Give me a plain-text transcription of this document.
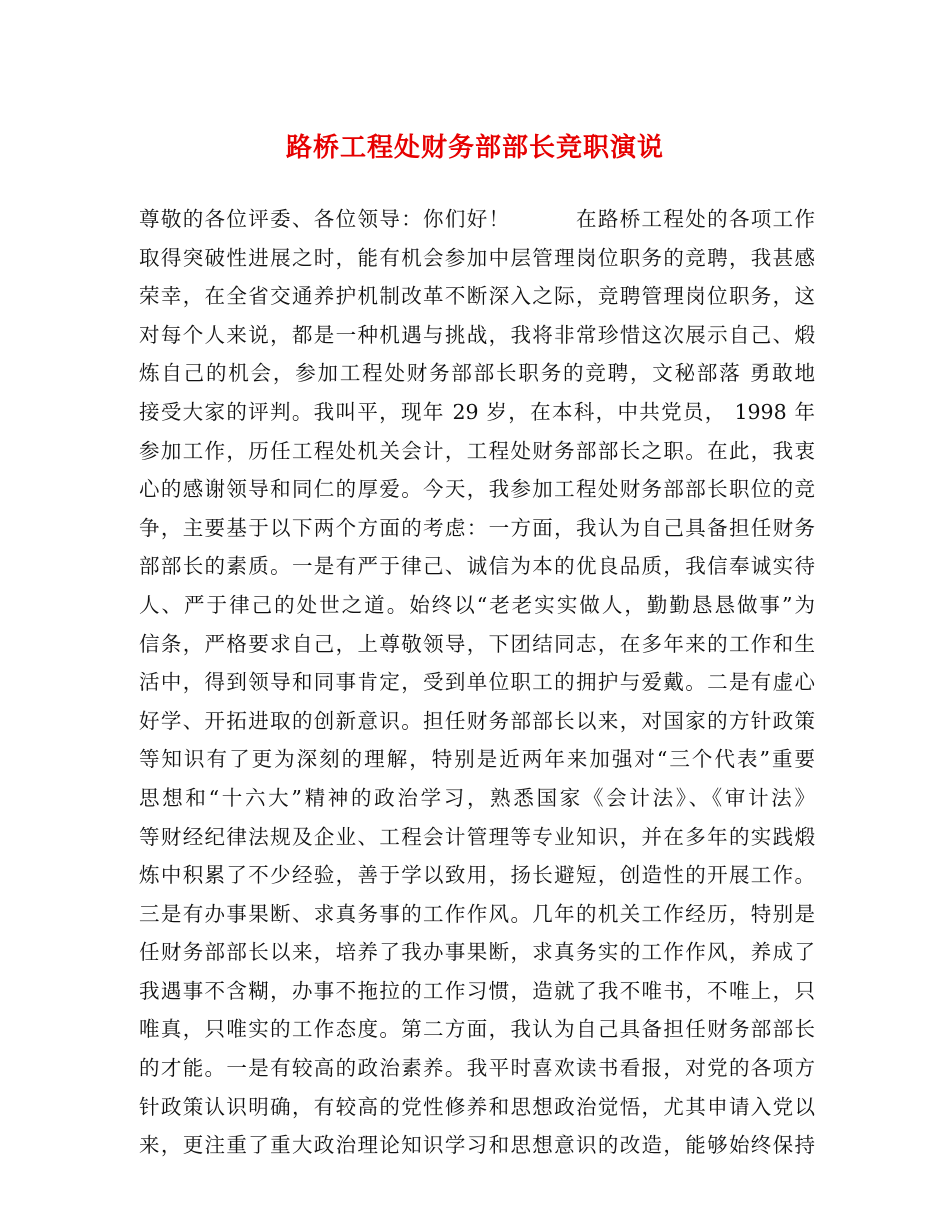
路桥工程处财务部部长竞职演说
尊敬的各位评委、各位领导：你们好！　　　在路桥工程处的各项工作
取得突破性进展之时，能有机会参加中层管理岗位职务的竞聘，我甚感
荣幸，在全省交通养护机制改革不断深入之际，竞聘管理岗位职务，这
对每个人来说，都是一种机遇与挑战，我将非常珍惜这次展示自己、煅
炼自己的机会，参加工程处财务部部长职务的竞聘，文秘部落 勇敢地
接受大家的评判。我叫平，现年 29 岁，在本科，中共党员， 1998 年
参加工作，历任工程处机关会计，工程处财务部部长之职。在此，我衷
心的感谢领导和同仁的厚爱。今天，我参加工程处财务部部长职位的竞
争，主要基于以下两个方面的考虑：一方面，我认为自己具备担任财务
部部长的素质。一是有严于律己、诚信为本的优良品质，我信奉诚实待
人、严于律己的处世之道。始终以“老老实实做人，勤勤恳恳做事”为
信条，严格要求自己，上尊敬领导，下团结同志，在多年来的工作和生
活中，得到领导和同事肯定，受到单位职工的拥护与爱戴。二是有虚心
好学、开拓进取的创新意识。担任财务部部长以来，对国家的方针政策
等知识有了更为深刻的理解，特别是近两年来加强对“三个代表”重要
思想和“十六大”精神的政治学习，熟悉国家《会计法》、《审计法》
等财经纪律法规及企业、工程会计管理等专业知识，并在多年的实践煅
炼中积累了不少经验，善于学以致用，扬长避短，创造性的开展工作。
三是有办事果断、求真务事的工作作风。几年的机关工作经历，特别是
任财务部部长以来，培养了我办事果断，求真务实的工作作风，养成了
我遇事不含糊，办事不拖拉的工作习惯，造就了我不唯书，不唯上，只
唯真，只唯实的工作态度。第二方面，我认为自己具备担任财务部部长
的才能。一是有较高的政治素养。我平时喜欢读书看报，对党的各项方
针政策认识明确，有较高的党性修养和思想政治觉悟，尤其申请入党以
来，更注重了重大政治理论知识学习和思想意识的改造，能够始终保持
